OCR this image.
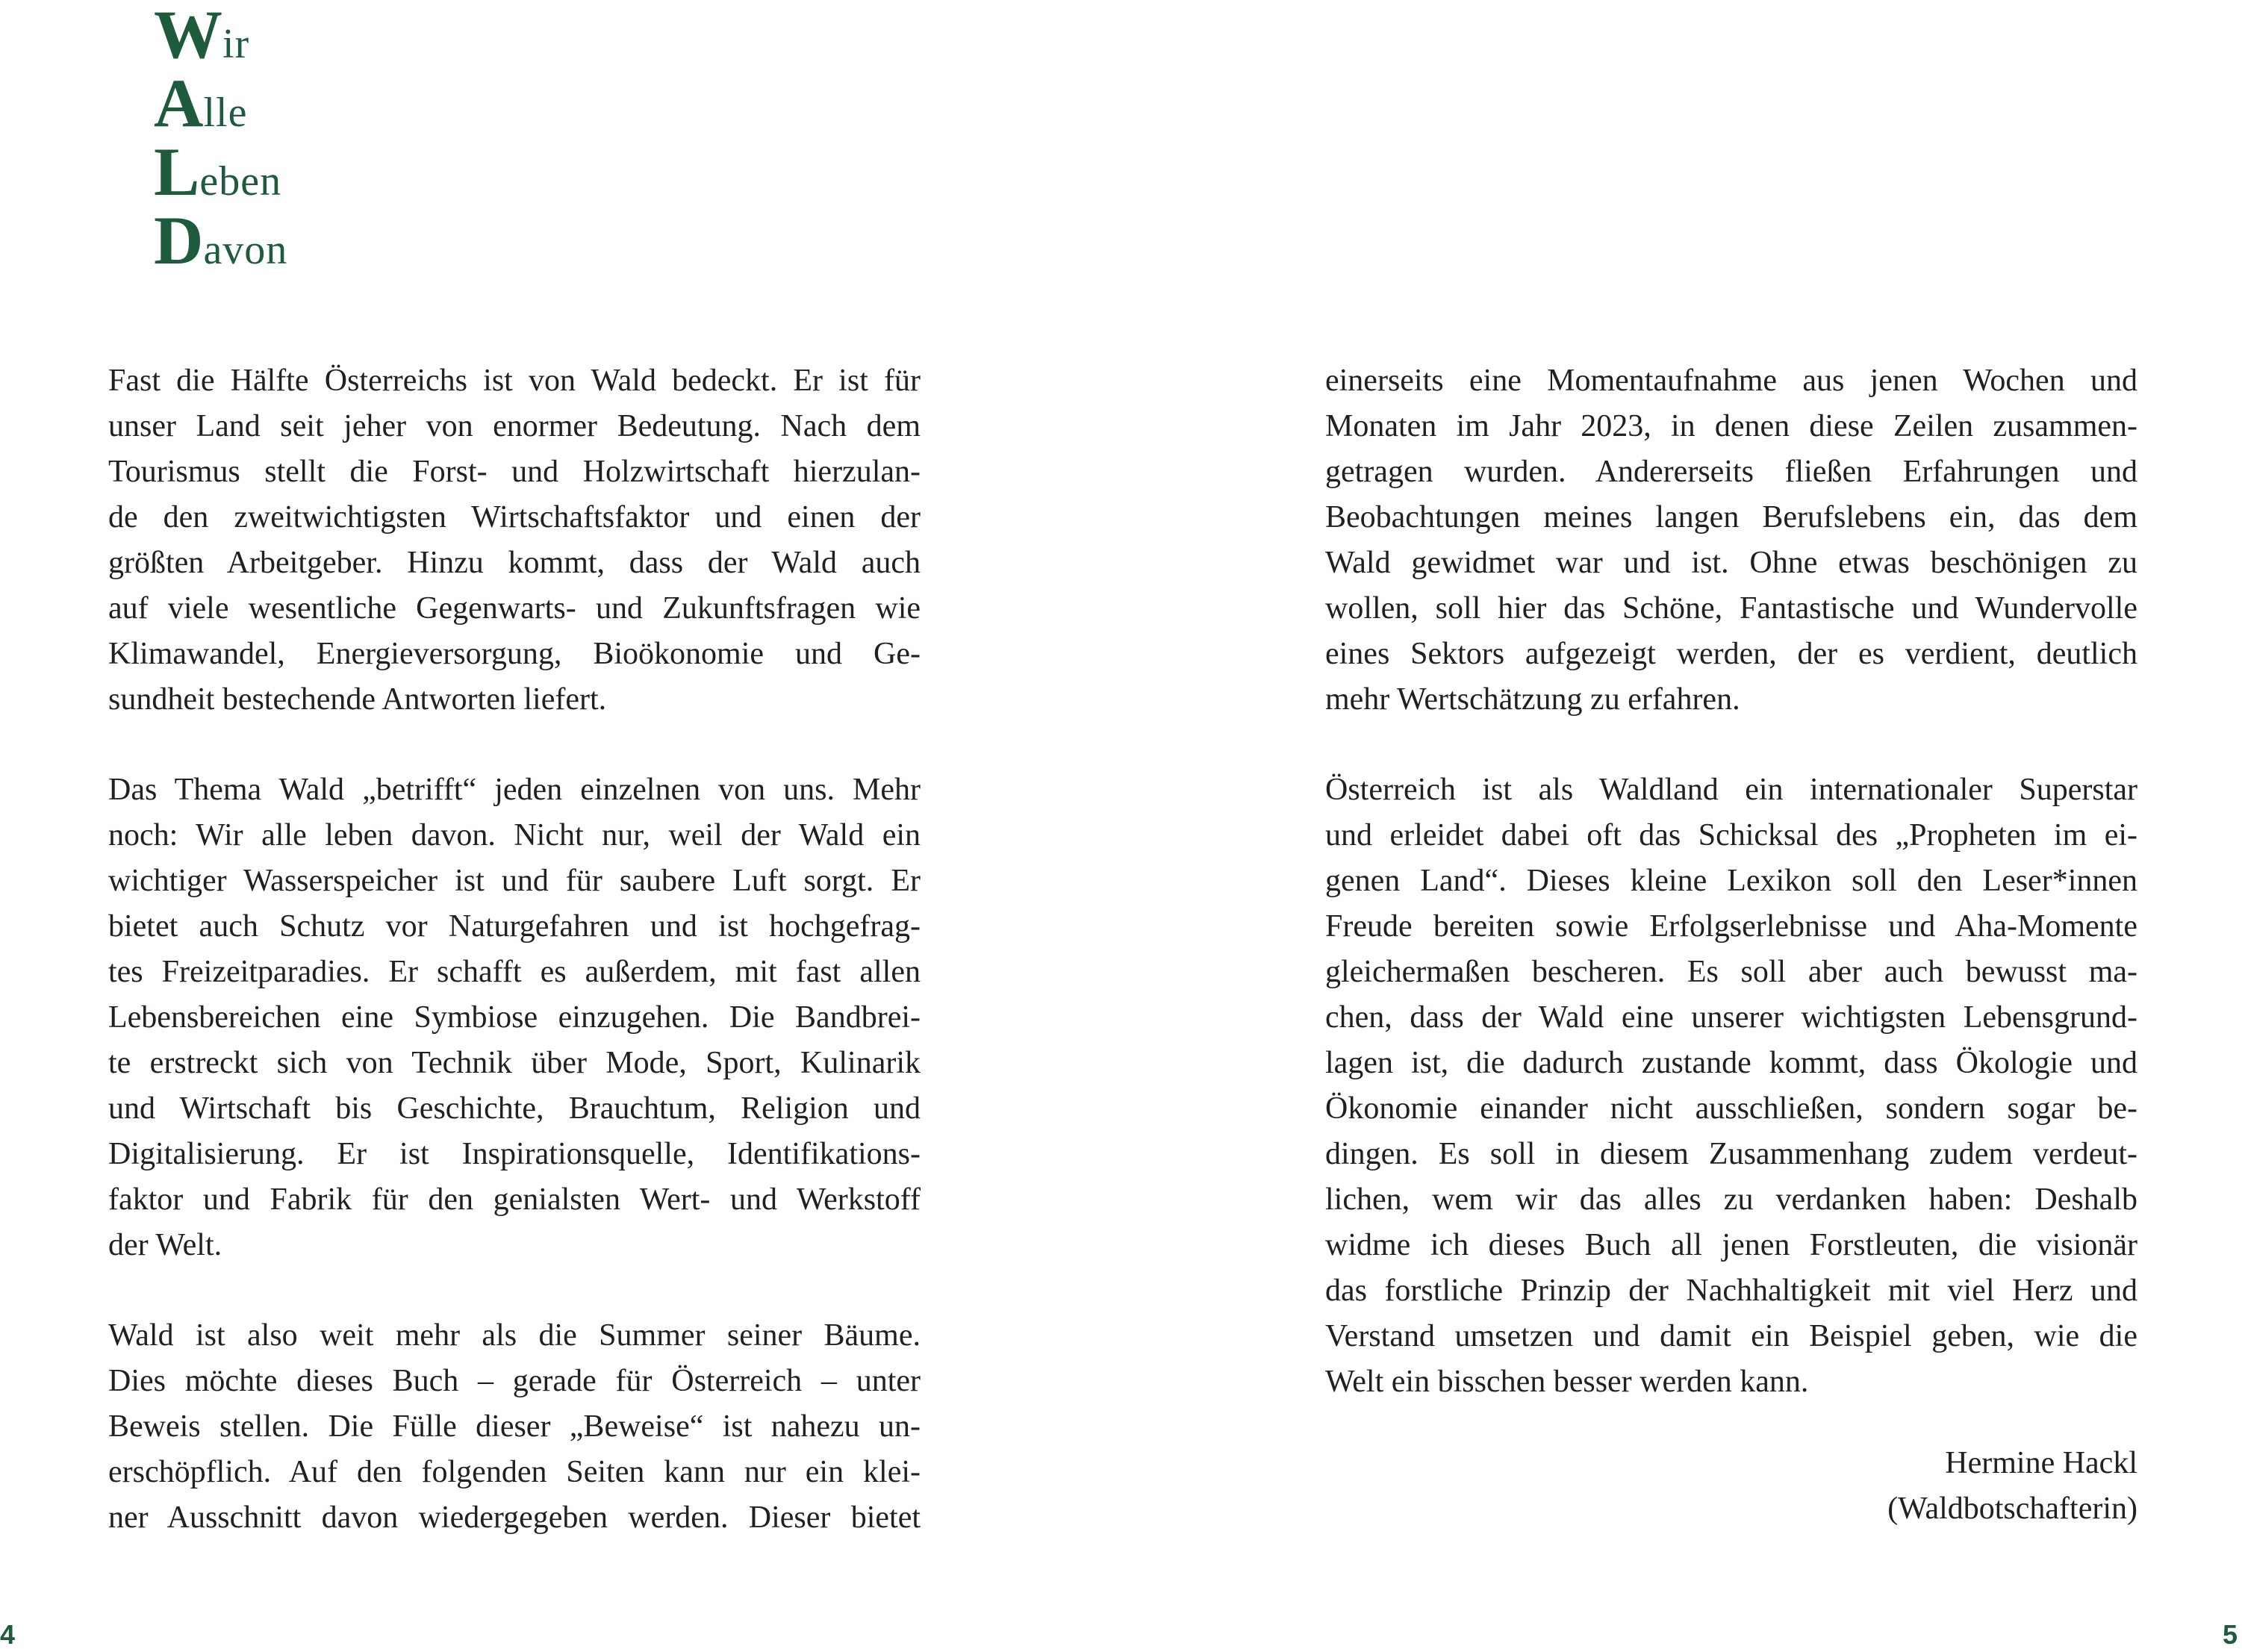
Wir
Alle
Leben
Davon
Fast die Hälfte Österreichs ist von Wald bedeckt. Er ist für
unser Land seit jeher von enormer Bedeutung. Nach dem
Tourismus stellt die Forst- und Holzwirtschaft hierzulan-
de den zweitwichtigsten Wirtschaftsfaktor und einen der
größten Arbeitgeber. Hinzu kommt, dass der Wald auch
auf viele wesentliche Gegenwarts- und Zukunftsfragen wie
Klimawandel, Energieversorgung, Bioökonomie und Ge-
sundheit bestechende Antworten liefert.
Das Thema Wald „betrifft“ jeden einzelnen von uns. Mehr
noch: Wir alle leben davon. Nicht nur, weil der Wald ein
wichtiger Wasserspeicher ist und für saubere Luft sorgt. Er
bietet auch Schutz vor Naturgefahren und ist hochgefrag-
tes Freizeitparadies. Er schafft es außerdem, mit fast allen
Lebensbereichen eine Symbiose einzugehen. Die Bandbrei-
te erstreckt sich von Technik über Mode, Sport, Kulinarik
und Wirtschaft bis Geschichte, Brauchtum, Religion und
Digitalisierung. Er ist Inspirationsquelle, Identifikations-
faktor und Fabrik für den genialsten Wert- und Werkstoff
der Welt.
Wald ist also weit mehr als die Summer seiner Bäume.
Dies möchte dieses Buch – gerade für Österreich – unter
Beweis stellen. Die Fülle dieser „Beweise“ ist nahezu un-
erschöpflich. Auf den folgenden Seiten kann nur ein klei-
ner Ausschnitt davon wiedergegeben werden. Dieser bietet
einerseits eine Momentaufnahme aus jenen Wochen und
Monaten im Jahr 2023, in denen diese Zeilen zusammen-
getragen wurden. Andererseits fließen Erfahrungen und
Beobachtungen meines langen Berufslebens ein, das dem
Wald gewidmet war und ist. Ohne etwas beschönigen zu
wollen, soll hier das Schöne, Fantastische und Wundervolle
eines Sektors aufgezeigt werden, der es verdient, deutlich
mehr Wertschätzung zu erfahren.
Österreich ist als Waldland ein internationaler Superstar
und erleidet dabei oft das Schicksal des „Propheten im ei-
genen Land“. Dieses kleine Lexikon soll den Leser*innen
Freude bereiten sowie Erfolgserlebnisse und Aha-Momente
gleichermaßen bescheren. Es soll aber auch bewusst ma-
chen, dass der Wald eine unserer wichtigsten Lebensgrund-
lagen ist, die dadurch zustande kommt, dass Ökologie und
Ökonomie einander nicht ausschließen, sondern sogar be-
dingen. Es soll in diesem Zusammenhang zudem verdeut-
lichen, wem wir das alles zu verdanken haben: Deshalb
widme ich dieses Buch all jenen Forstleuten, die visionär
das forstliche Prinzip der Nachhaltigkeit mit viel Herz und
Verstand umsetzen und damit ein Beispiel geben, wie die
Welt ein bisschen besser werden kann.
Hermine Hackl
(Waldbotschafterin)
4	5
